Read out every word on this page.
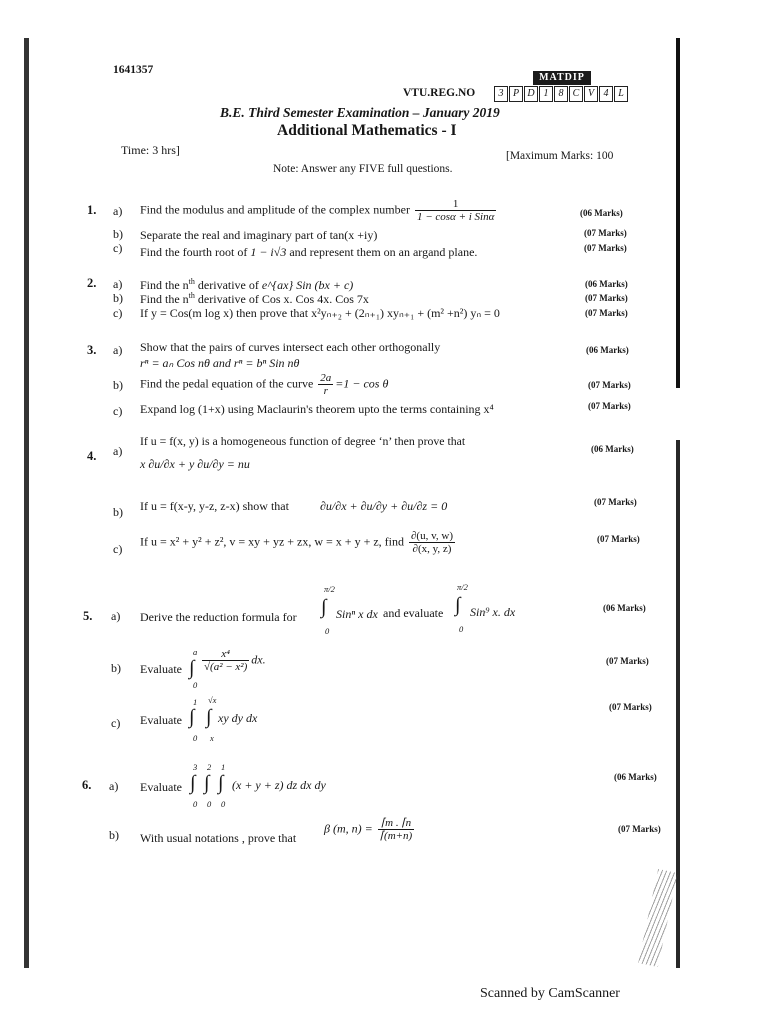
1641357
MATDIP
VTU.REG.NO	3 P D 1	8 C V 4 L
B.E. Third Semester Examination – January 2019
Additional Mathematics - I
Time: 3 hrs]	[Maximum Marks: 100
Note: Answer any FIVE full questions.
1. a) Find the modulus and amplitude of the complex number	1
1 − cosα + i Sinα	(06 Marks)
b) Separate the real and imaginary part of tan(x +iy)	(07 Marks)
c) Find the fourth root of 1 − i√3 and represent them on an argand plane.	(07 Marks)
2. a) Find the $n^{th}$ derivative of e^{ax} Sin (bx + c)	(06 Marks)
b) Find the $n^{th}$ derivative of Cos x. Cos 4x. Cos 7x	(07 Marks)
c) If y = Cos(m log x) then prove that x²yₙ₊₂ + (2ₙ₊₁) xyₙ₊₁ + (m² +n²) yₙ = 0	(07 Marks)
3. a) Show that the pairs of curves intersect each other orthogonally
rⁿ = aₙ Cos nθ and rⁿ = bⁿ Sin nθ
(06 Marks)
b) Find the pedal equation of the curve $\frac{2a}{r} =1 - \cos \theta$	(07 Marks)
c) Expand log (1+x) using Maclaurin's theorem upto the terms containing x⁴	(07 Marks)
4. a)
If u = f(x, y) is a homogeneous function of degree ‘n’ then prove that
x ∂u/∂x + y ∂u/∂y = nu
(06 Marks)
b) If u = f(x-y, y-z, z-x) show that	∂u/∂x + ∂u/∂y + ∂u/∂z = 0	(07 Marks)
c)
If u = x² + y² + z², v = xy + yz + zx, w = x + y + z, find $\frac{\partial(u, v, w)}{\partial(x, y, z)}$	(07 Marks)
5. a) Derive the reduction formula for
π/2
∫
0
Sinⁿ x dx and evaluate
π/2
∫
0
Sin⁹ x. dx	(06 Marks)
b) Evaluate
a
∫
0
$\frac{\text{x⁴}}{\text{√(a² − x²)}}$ dx.	(07 Marks)
c) Evaluate
1
∫
0
√x
∫
x
xy dy dx
(07 Marks)
6. a) Evaluate
3 2 1
∫ ∫ ∫
0 0 0
(x + y + z) dz dx dy
(06 Marks)
b) With usual notations , prove that
β (m, $n) = \frac{⌈m . ⌈n}{⌈(m+n)}$	(07 Marks)
Scanned by CamScanner
